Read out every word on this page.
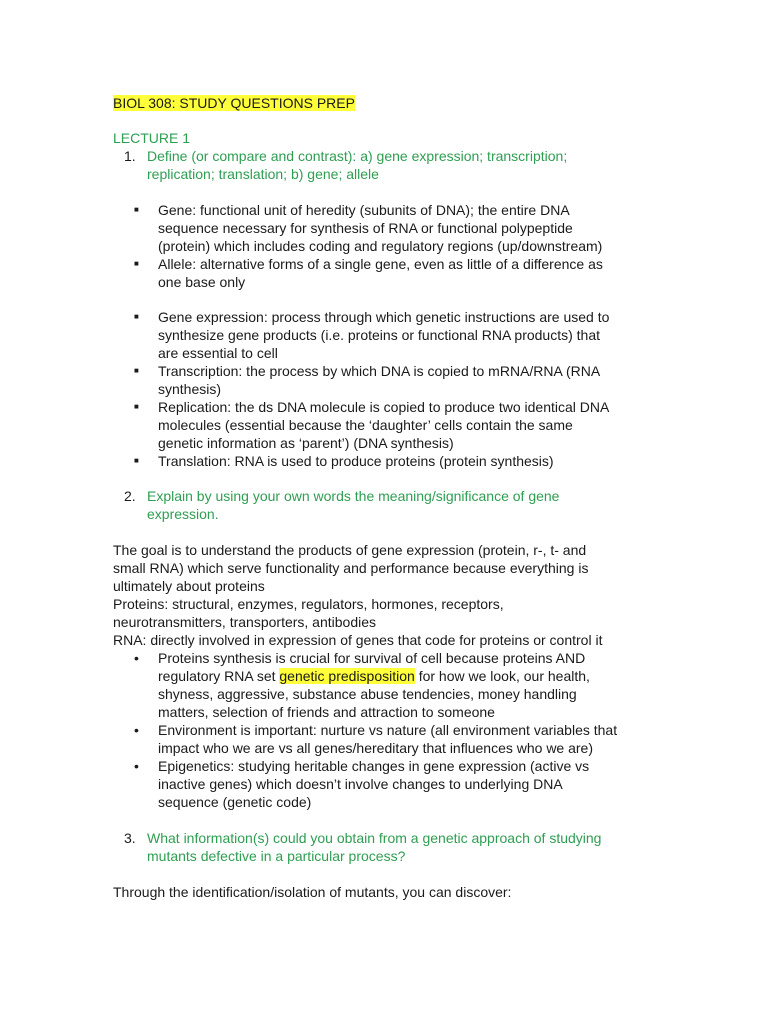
BIOL 308: STUDY QUESTIONS PREP
LECTURE 1
1. Define (or compare and contrast): a) gene expression; transcription;
replication; translation; b) gene; allele
■	Gene: functional unit of heredity (subunits of DNA); the entire DNA
sequence necessary for synthesis of RNA or functional polypeptide
(protein) which includes coding and regulatory regions (up/downstream)
■	Allele: alternative forms of a single gene, even as little of a difference as
one base only
■	Gene expression: process through which genetic instructions are used to
synthesize gene products (i.e. proteins or functional RNA products) that
are essential to cell
■	Transcription: the process by which DNA is copied to mRNA/RNA (RNA
synthesis)
■	Replication: the ds DNA molecule is copied to produce two identical DNA
molecules (essential because the ‘daughter’ cells contain the same
genetic information as ‘parent’) (DNA synthesis)
■	Translation: RNA is used to produce proteins (protein synthesis)
2. Explain by using your own words the meaning/significance of gene
expression.
The goal is to understand the products of gene expression (protein, r-, t- and
small RNA) which serve functionality and performance because everything is
ultimately about proteins
Proteins: structural, enzymes, regulators, hormones, receptors,
neurotransmitters, transporters, antibodies
RNA: directly involved in expression of genes that code for proteins or control it
•	Proteins synthesis is crucial for survival of cell because proteins AND
regulatory RNA set genetic predisposition for how we look, our health,
shyness, aggressive, substance abuse tendencies, money handling
matters, selection of friends and attraction to someone
•	Environment is important: nurture vs nature (all environment variables that
impact who we are vs all genes/hereditary that influences who we are)
•	Epigenetics: studying heritable changes in gene expression (active vs
inactive genes) which doesn’t involve changes to underlying DNA
sequence (genetic code)
3. What information(s) could you obtain from a genetic approach of studying
mutants defective in a particular process?
Through the identification/isolation of mutants, you can discover:
